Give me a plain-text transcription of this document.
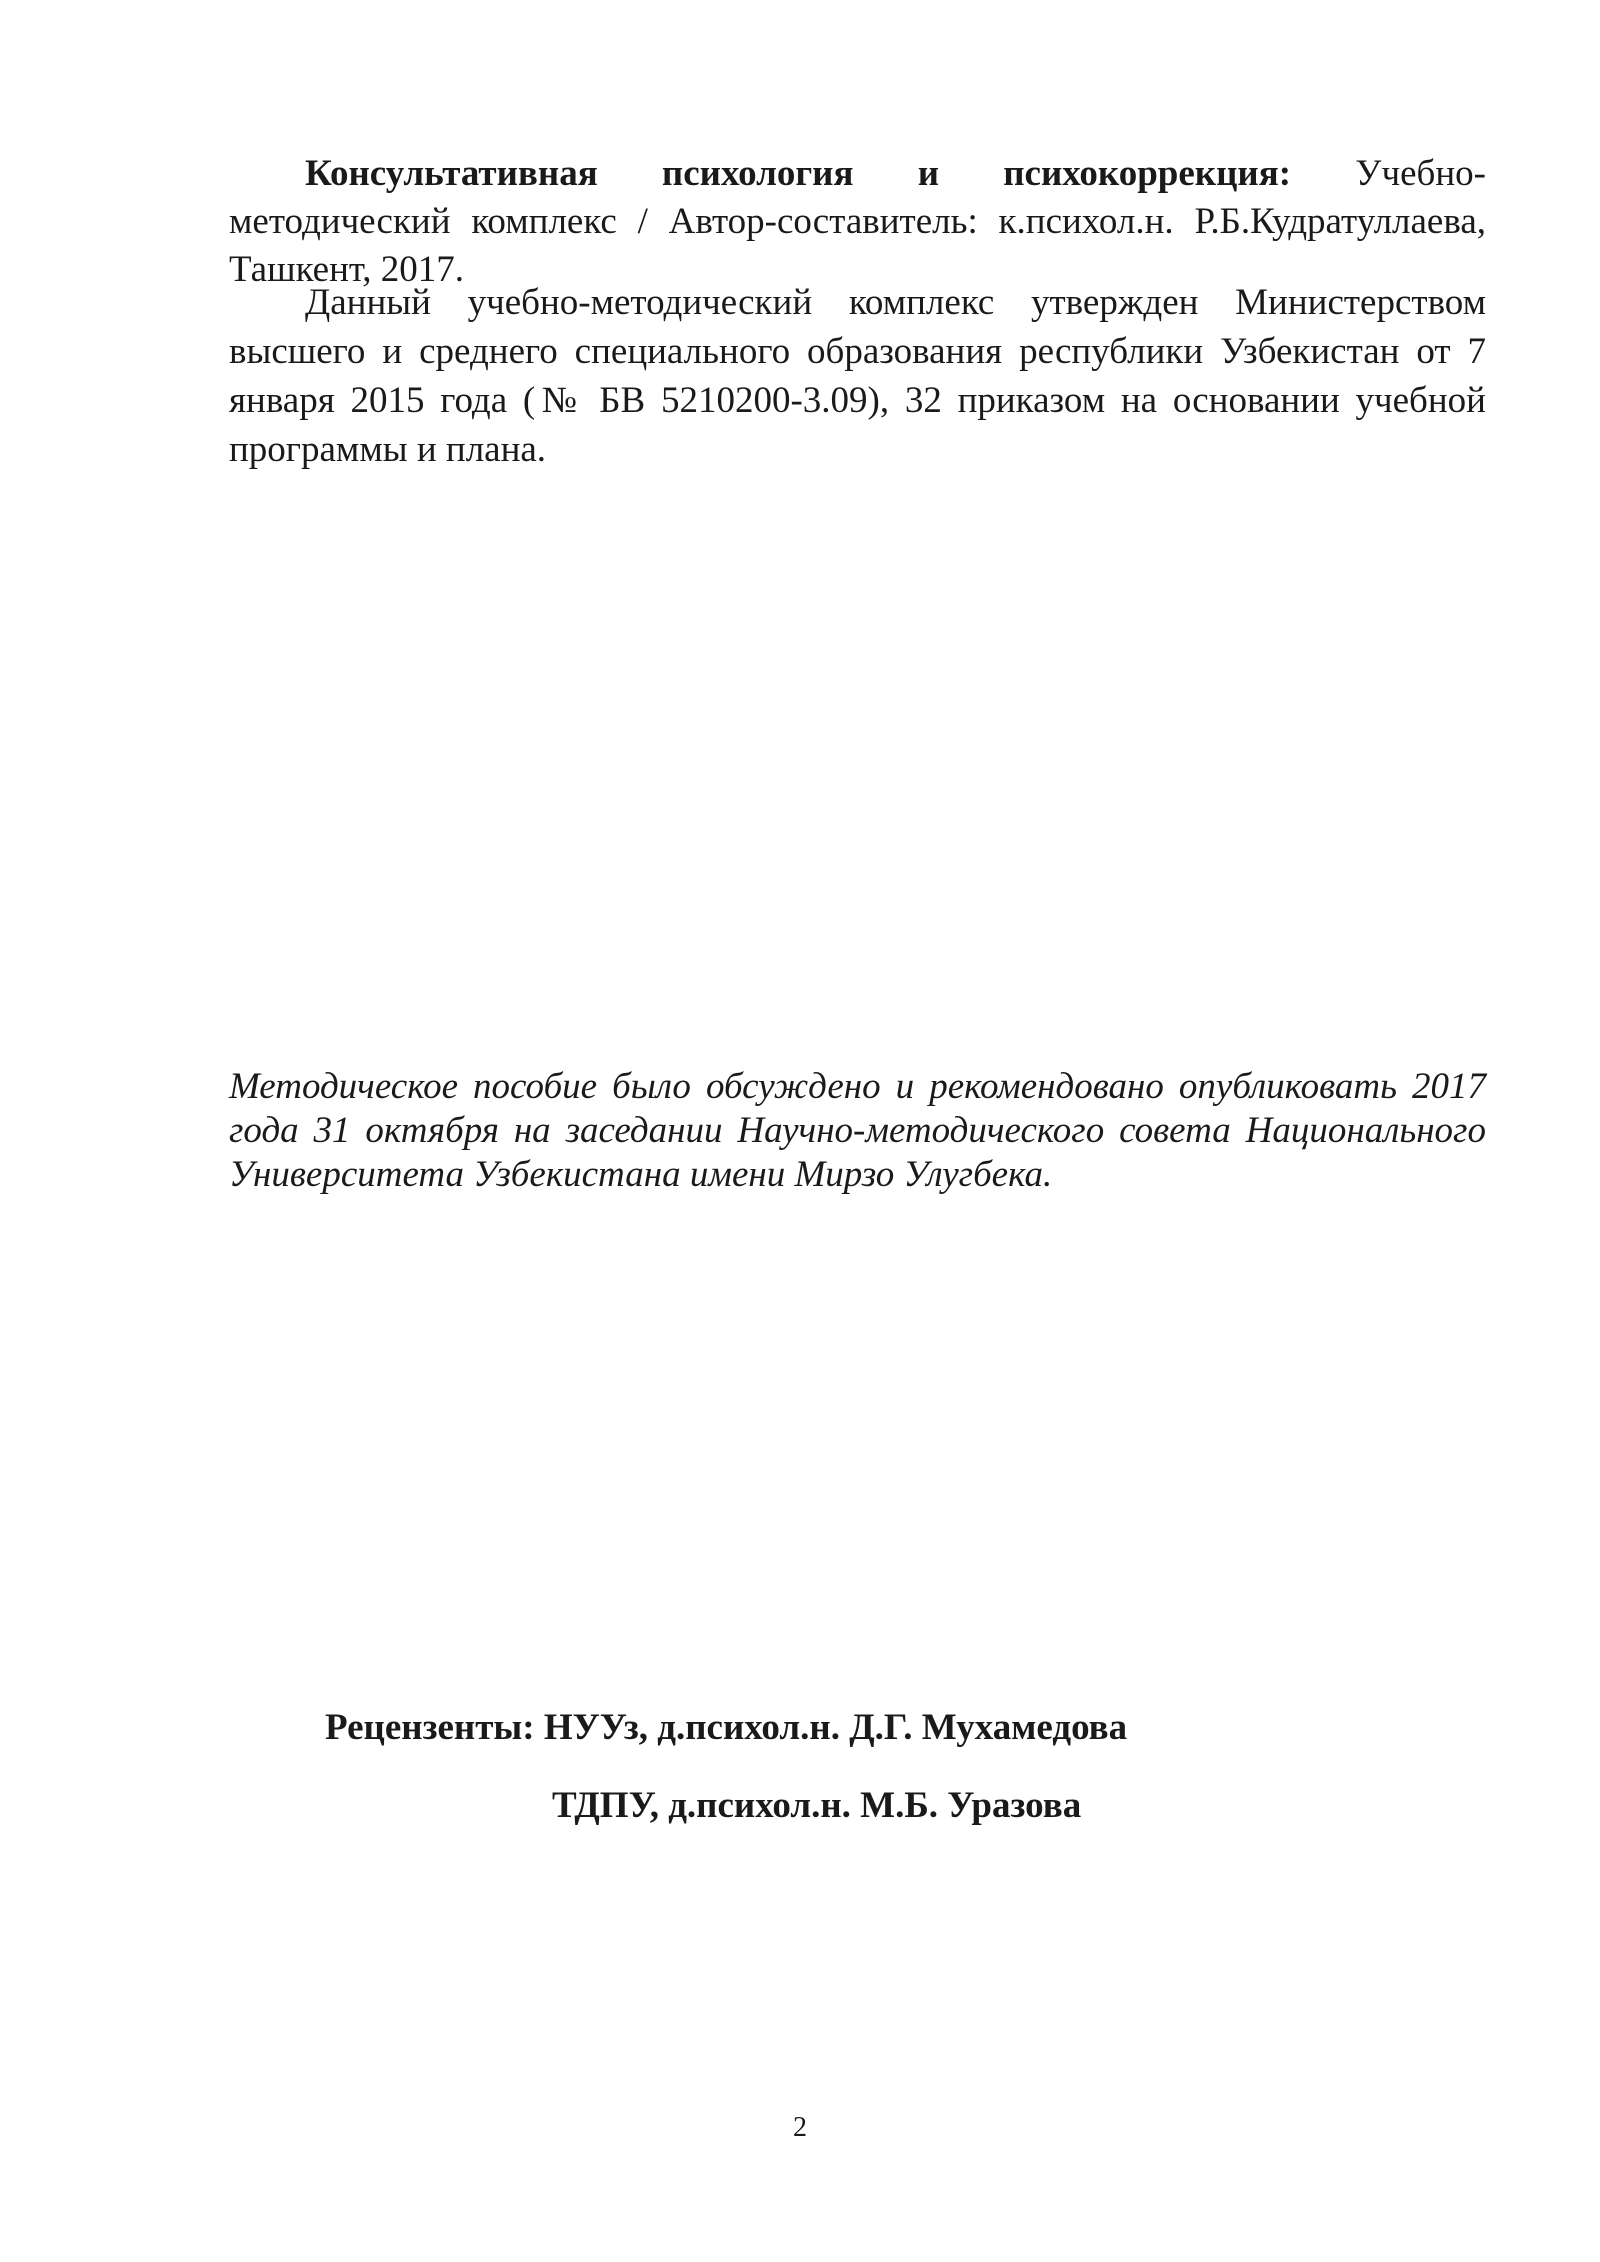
Консультативная психология и психокоррекция: Учебно-методический комплекс / Автор-составитель: к.психол.н. Р.Б.Кудратуллаева, Ташкент, 2017.

Данный учебно-методический комплекс утвержден Министерством высшего и среднего специального образования республики Узбекистан от 7 января 2015 года (№ БВ 5210200-3.09), 32 приказом на основании учебной программы и плана.

Методическое пособие было обсуждено и рекомендовано опубликовать 2017 года 31 октября на заседании Научно-методического совета Национального Университета Узбекистана имени Мирзо Улугбека.

Рецензенты: НУУз, д.психол.н. Д.Г. Мухамедова

ТДПУ, д.психол.н. М.Б. Уразова

2
